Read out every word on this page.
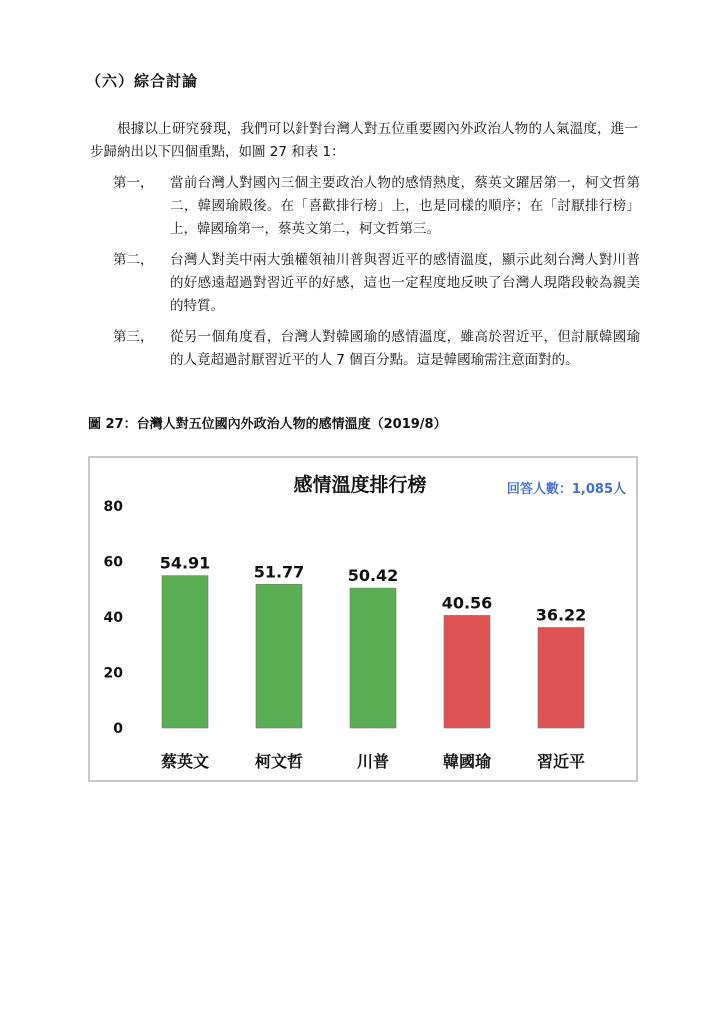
（六）綜合討論
根據以上研究發現，我們可以針對台灣人對五位重要國內外政治人物的人氣溫度，進一步歸納出以下四個重點，如圖 27 和表 1：
第一，	當前台灣人對國內三個主要政治人物的感情熱度，蔡英文躍居第一，柯文哲第二，韓國瑜殿後。在「喜歡排行榜」上，也是同樣的順序；在「討厭排行榜」上，韓國瑜第一，蔡英文第二，柯文哲第三。
第二，	台灣人對美中兩大強權領袖川普與習近平的感情溫度，顯示此刻台灣人對川普的好感遠超過對習近平的好感，這也一定程度地反映了台灣人現階段較為親美的特質。
第三，	從另一個角度看，台灣人對韓國瑜的感情溫度，雖高於習近平，但討厭韓國瑜的人竟超過討厭習近平的人 7 個百分點。這是韓國瑜需注意面對的。
圖 27：台灣人對五位國內外政治人物的感情溫度（2019/8）
感情溫度排行榜	回答人數：1,085人
0
20
40
60
80
54.91	51.77	50.42
40.56
36.22
蔡英文	柯文哲	川普	韓國瑜	習近平
